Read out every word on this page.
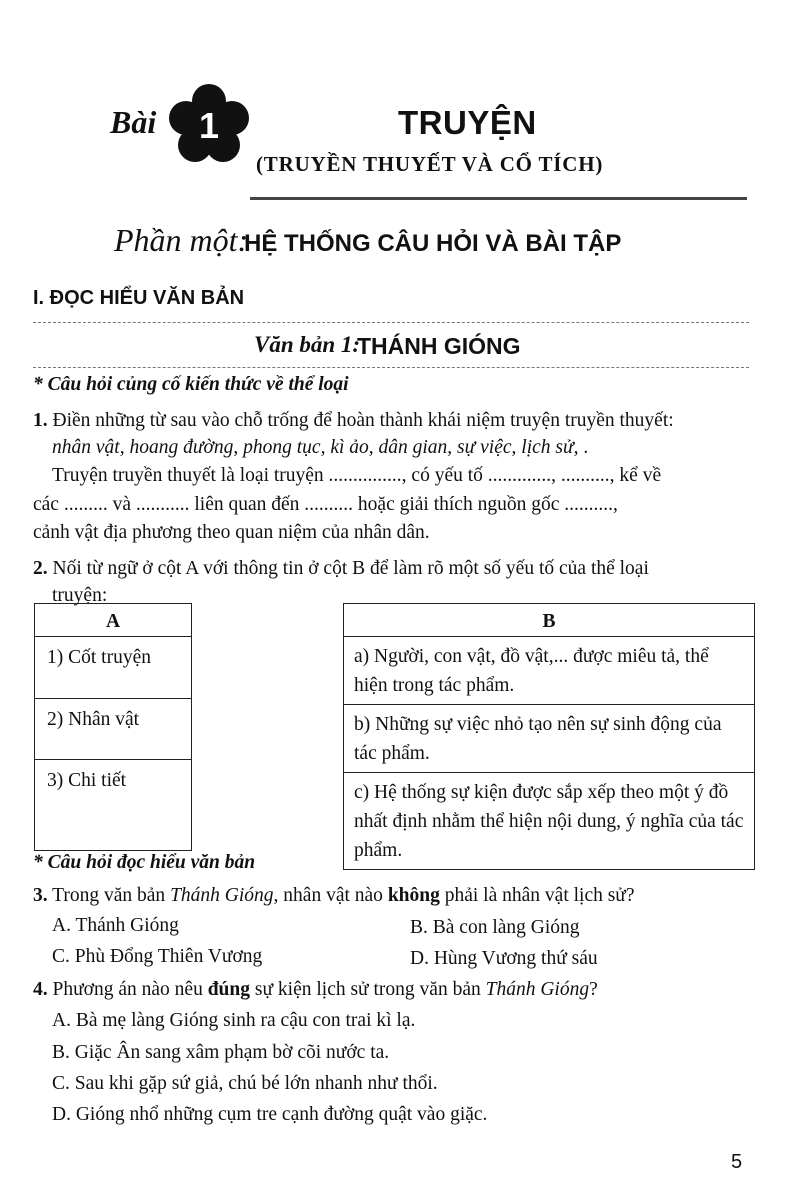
Bài 1	TRUYỆN
(TRUYỀN THUYẾT VÀ CỔ TÍCH)
Phần một:
HỆ THỐNG CÂU HỎI VÀ BÀI TẬP
I. ĐỌC HIỂU VĂN BẢN
Văn bản 1:
THÁNH GIÓNG
* Câu hỏi củng cố kiến thức về thể loại
1. Điền những từ sau vào chỗ trống để hoàn thành khái niệm truyện truyền thuyết:
nhân vật, hoang đường, phong tục, kì ảo, dân gian, sự việc, lịch sử, .
Truyện truyền thuyết là loại truyện ..............., có yếu tố ............., .........., kể về
các ......... và ........... liên quan đến .......... hoặc giải thích nguồn gốc ..........,
cảnh vật địa phương theo quan niệm của nhân dân.
2. Nối từ ngữ ở cột A với thông tin ở cột B để làm rõ một số yếu tố của thể loại
truyện:
A
1) Cốt truyện
2) Nhân vật
3) Chi tiết
B
a) Người, con vật, đồ vật,... được miêu tả, thể hiện trong tác phẩm.
b) Những sự việc nhỏ tạo nên sự sinh động của tác phẩm.
c) Hệ thống sự kiện được sắp xếp theo một ý đồ nhất định nhằm thể hiện nội dung, ý nghĩa của tác phẩm.
* Câu hỏi đọc hiểu văn bản
3. Trong văn bản Thánh Gióng, nhân vật nào không phải là nhân vật lịch sử?
A. Thánh Gióng	B. Bà con làng Gióng
C. Phù Đổng Thiên Vương	D. Hùng Vương thứ sáu
4. Phương án nào nêu đúng sự kiện lịch sử trong văn bản Thánh Gióng?
A. Bà mẹ làng Gióng sinh ra cậu con trai kì lạ.
B. Giặc Ân sang xâm phạm bờ cõi nước ta.
C. Sau khi gặp sứ giả, chú bé lớn nhanh như thổi.
D. Gióng nhổ những cụm tre cạnh đường quật vào giặc.
5
